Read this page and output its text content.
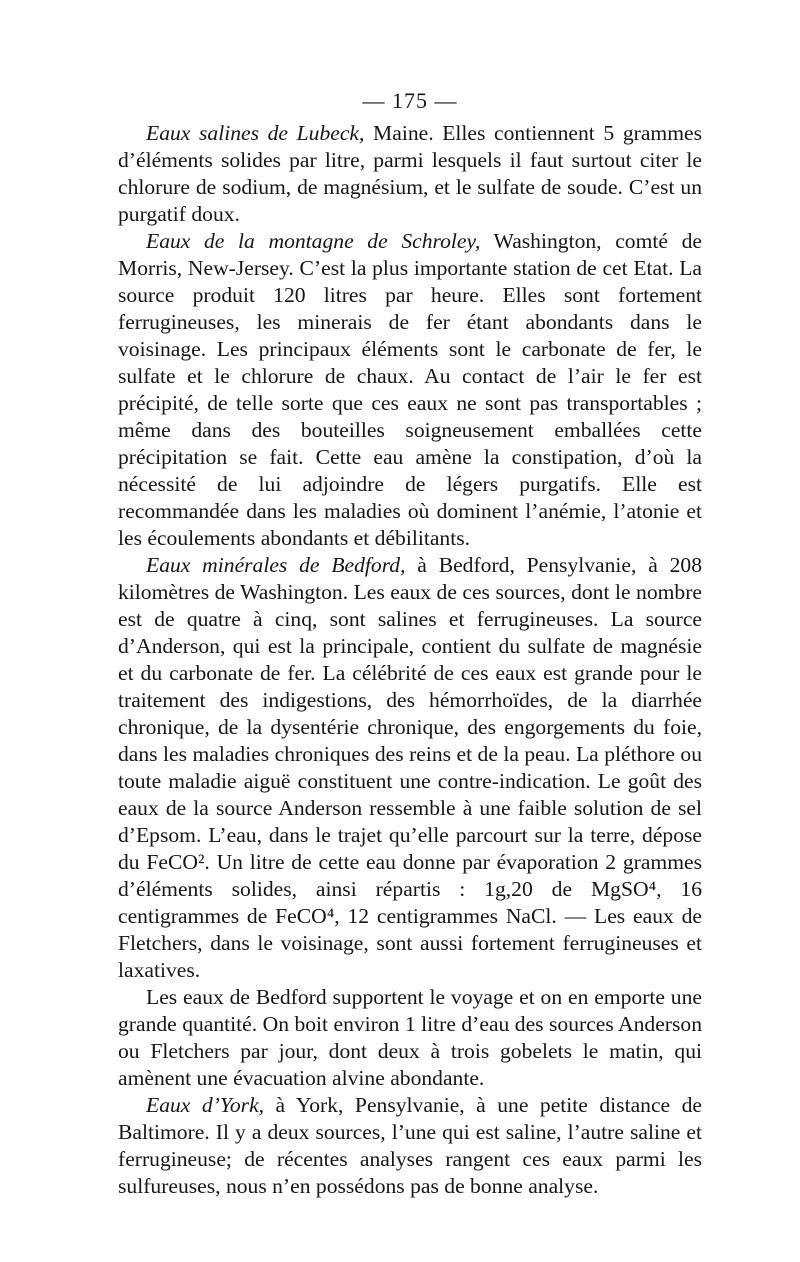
— 175 —

Eaux salines de Lubeck, Maine. Elles contiennent 5 grammes d’éléments solides par litre, parmi lesquels il faut surtout citer le chlorure de sodium, de magnésium, et le sulfate de soude. C’est un purgatif doux.

Eaux de la montagne de Schroley, Washington, comté de Morris, New-Jersey. C’est la plus importante station de cet Etat. La source produit 120 litres par heure. Elles sont fortement ferrugineuses, les minerais de fer étant abondants dans le voisinage. Les principaux éléments sont le carbonate de fer, le sulfate et le chlorure de chaux. Au contact de l’air le fer est précipité, de telle sorte que ces eaux ne sont pas transportables ; même dans des bouteilles soigneusement emballées cette précipitation se fait. Cette eau amène la constipation, d’où la nécessité de lui adjoindre de légers purgatifs. Elle est recommandée dans les maladies où dominent l’anémie, l’atonie et les écoulements abondants et débilitants.

Eaux minérales de Bedford, à Bedford, Pensylvanie, à 208 kilomètres de Washington. Les eaux de ces sources, dont le nombre est de quatre à cinq, sont salines et ferrugineuses. La source d’Anderson, qui est la principale, contient du sulfate de magnésie et du carbonate de fer. La célébrité de ces eaux est grande pour le traitement des indigestions, des hémorrhoïdes, de la diarrhée chronique, de la dysentérie chronique, des engorgements du foie, dans les maladies chroniques des reins et de la peau. La pléthore ou toute maladie aiguë constituent une contre-indication. Le goût des eaux de la source Anderson ressemble à une faible solution de sel d’Epsom. L’eau, dans le trajet qu’elle parcourt sur la terre, dépose du FeCO². Un litre de cette eau donne par évaporation 2 grammes d’éléments solides, ainsi répartis : 1g,20 de MgSO⁴, 16 centigrammes de FeCO⁴, 12 centigrammes NaCl. — Les eaux de Fletchers, dans le voisinage, sont aussi fortement ferrugineuses et laxatives.

Les eaux de Bedford supportent le voyage et on en emporte une grande quantité. On boit environ 1 litre d’eau des sources Anderson ou Fletchers par jour, dont deux à trois gobelets le matin, qui amènent une évacuation alvine abondante.

Eaux d’York, à York, Pensylvanie, à une petite distance de Baltimore. Il y a deux sources, l’une qui est saline, l’autre saline et ferrugineuse; de récentes analyses rangent ces eaux parmi les sulfureuses, nous n’en possédons pas de bonne analyse.
